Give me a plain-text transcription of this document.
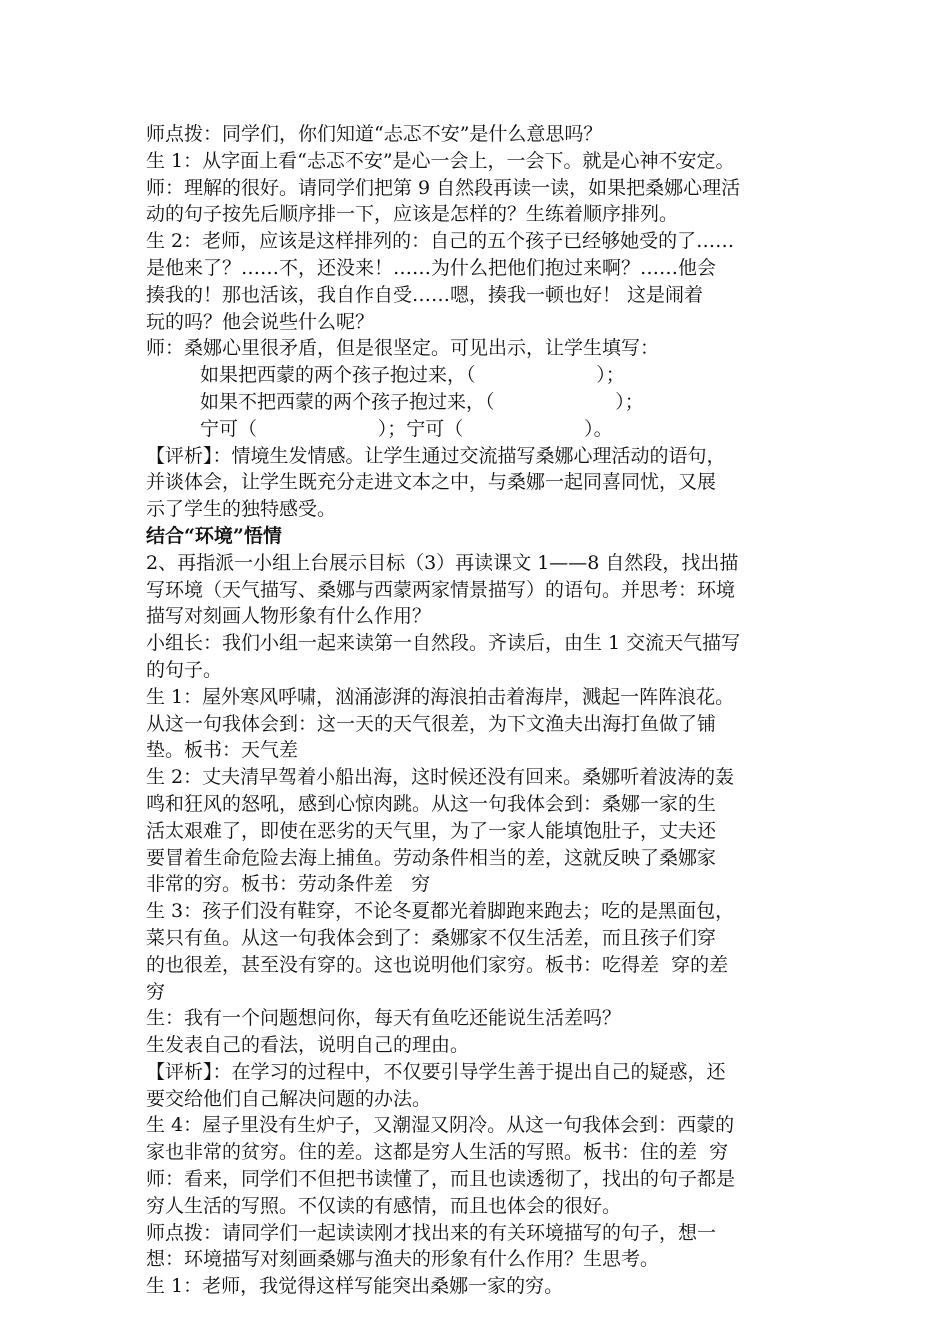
师点拨：同学们，你们知道“忐忑不安”是什么意思吗？
生 1：从字面上看“忐忑不安”是心一会上，一会下。就是心神不安定。
师：理解的很好。请同学们把第 9 自然段再读一读，如果把桑娜心理活
动的句子按先后顺序排一下，应该是怎样的？生练着顺序排列。
生 2：老师，应该是这样排列的：自己的五个孩子已经够她受的了……
是他来了？……不，还没来！……为什么把他们抱过来啊？……他会
揍我的！那也活该，我自作自受……嗯，揍我一顿也好！ 这是闹着
玩的吗？他会说些什么呢？
师：桑娜心里很矛盾，但是很坚定。可见出示，让学生填写：
如果把西蒙的两个孩子抱过来，（                    ）；
如果不把西蒙的两个孩子抱过来，（                    ）；
宁可（                    ）；宁可（                    ）。
【评析】：情境生发情感。让学生通过交流描写桑娜心理活动的语句，
并谈体会，让学生既充分走进文本之中，与桑娜一起同喜同忧，又展
示了学生的独特感受。
结合“环境”悟情
2、再指派一小组上台展示目标（3）再读课文 1——8 自然段，找出描
写环境（天气描写、桑娜与西蒙两家情景描写）的语句。并思考：环境
描写对刻画人物形象有什么作用？
小组长：我们小组一起来读第一自然段。齐读后，由生 1 交流天气描写
的句子。
生 1：屋外寒风呼啸，汹涌澎湃的海浪拍击着海岸，溅起一阵阵浪花。
从这一句我体会到：这一天的天气很差，为下文渔夫出海打鱼做了铺
垫。板书：天气差
生 2：丈夫清早驾着小船出海，这时候还没有回来。桑娜听着波涛的轰
鸣和狂风的怒吼，感到心惊肉跳。从这一句我体会到：桑娜一家的生
活太艰难了，即使在恶劣的天气里，为了一家人能填饱肚子，丈夫还
要冒着生命危险去海上捕鱼。劳动条件相当的差，这就反映了桑娜家
非常的穷。板书：劳动条件差   穷
生 3：孩子们没有鞋穿，不论冬夏都光着脚跑来跑去；吃的是黑面包，
菜只有鱼。从这一句我体会到了：桑娜家不仅生活差，而且孩子们穿
的也很差，甚至没有穿的。这也说明他们家穷。板书：吃得差  穿的差
穷
生：我有一个问题想问你，每天有鱼吃还能说生活差吗？
生发表自己的看法，说明自己的理由。
【评析】：在学习的过程中，不仅要引导学生善于提出自己的疑惑，还
要交给他们自己解决问题的办法。
生 4：屋子里没有生炉子，又潮湿又阴冷。从这一句我体会到：西蒙的
家也非常的贫穷。住的差。这都是穷人生活的写照。板书：住的差  穷
师：看来，同学们不但把书读懂了，而且也读透彻了，找出的句子都是
穷人生活的写照。不仅读的有感情，而且也体会的很好。
师点拨：请同学们一起读读刚才找出来的有关环境描写的句子，想一
想：环境描写对刻画桑娜与渔夫的形象有什么作用？生思考。
生 1：老师，我觉得这样写能突出桑娜一家的穷。
